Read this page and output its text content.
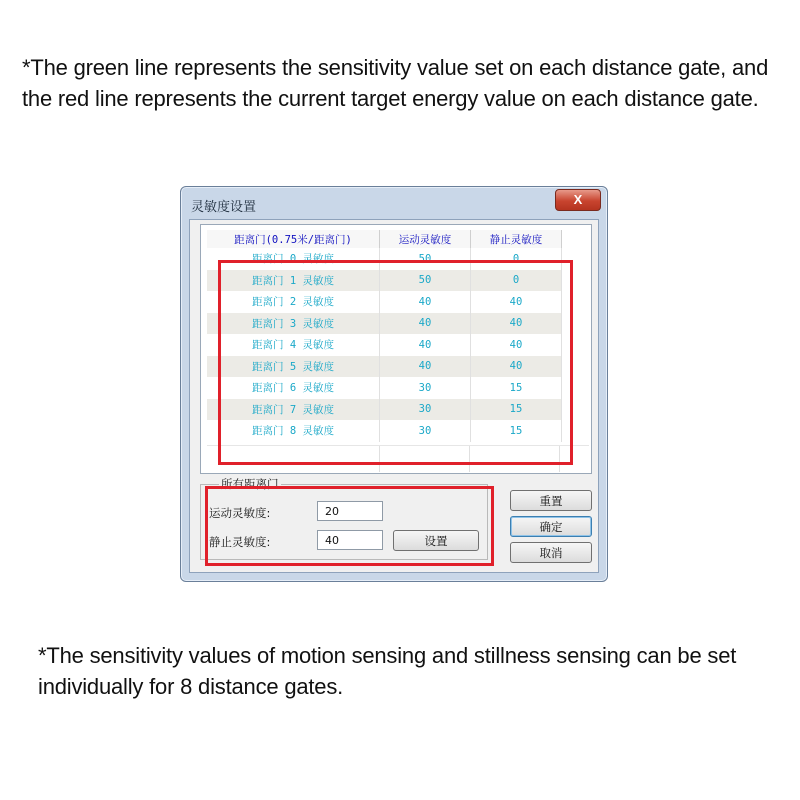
*The green line represents the sensitivity value set on each distance gate, and the red line represents the current target energy value on each distance gate.
灵敏度设置
X
距离门(0.75米/距离门)	运动灵敏度	静止灵敏度
距离门 0 灵敏度	50	0
距离门 1 灵敏度	50	0
距离门 2 灵敏度	40	40
距离门 3 灵敏度	40	40
距离门 4 灵敏度	40	40
距离门 5 灵敏度	40	40
距离门 6 灵敏度	30	15
距离门 7 灵敏度	30	15
距离门 8 灵敏度	30	15
所有距离门
运动灵敏度:	20
静止灵敏度:	40	设置
重置
确定
取消
*The sensitivity values of motion sensing and stillness sensing can be set individually for 8 distance gates.
